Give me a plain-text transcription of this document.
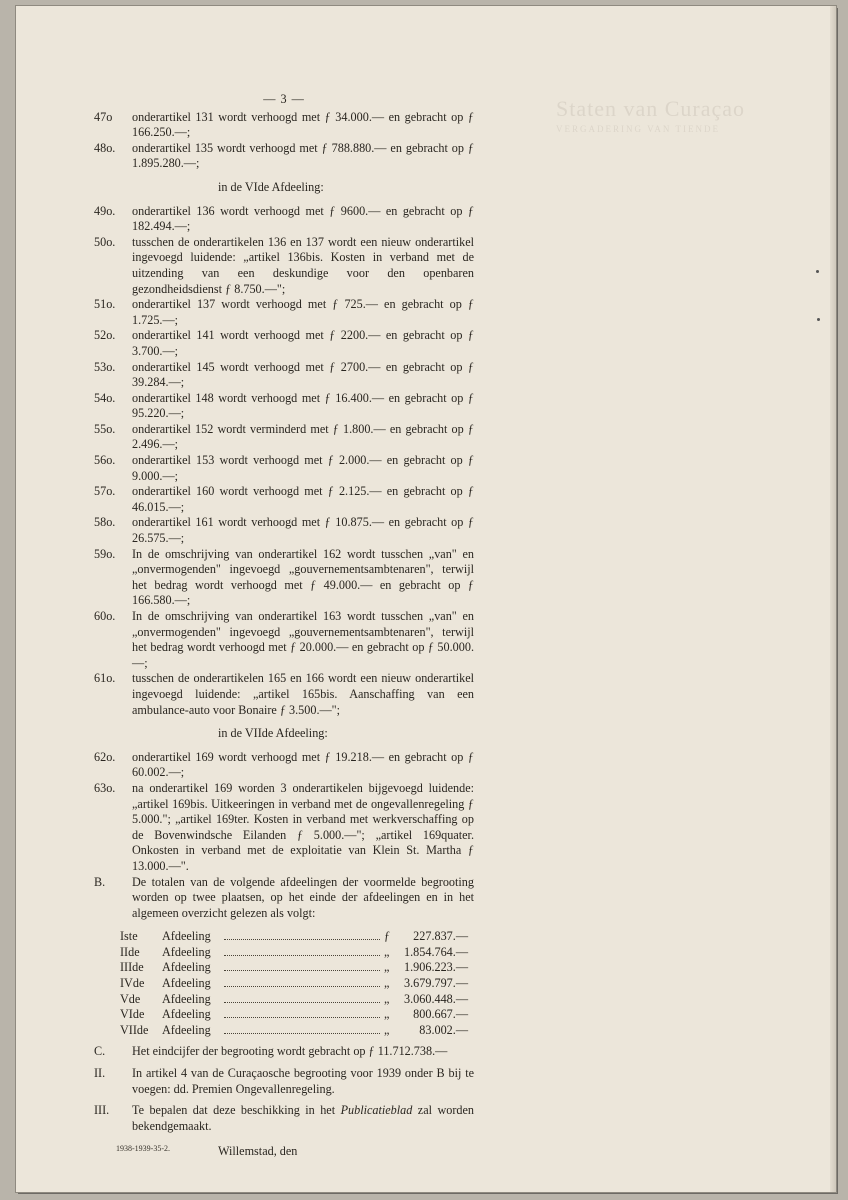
Staten van Curaçao
VERGADERING VAN TIENDE
— 3 —
47o	onderartikel 131 wordt verhoogd met ƒ 34.000.— en gebracht op ƒ 166.250.—;
48o.	onderartikel 135 wordt verhoogd met ƒ 788.880.— en gebracht op ƒ 1.895.280.—;
in de VIde Afdeeling:
49o.	onderartikel 136 wordt verhoogd met ƒ 9600.— en gebracht op ƒ 182.494.—;
50o.	tusschen de onderartikelen 136 en 137 wordt een nieuw onderartikel ingevoegd luidende: „artikel 136bis. Kosten in verband met de uitzending van een deskundige voor den openbaren gezondheidsdienst ƒ 8.750.—";
51o.	onderartikel 137 wordt verhoogd met ƒ 725.— en gebracht op ƒ 1.725.—;
52o.	onderartikel 141 wordt verhoogd met ƒ 2200.— en gebracht op ƒ 3.700.—;
53o.	onderartikel 145 wordt verhoogd met ƒ 2700.— en gebracht op ƒ 39.284.—;
54o.	onderartikel 148 wordt verhoogd met ƒ 16.400.— en gebracht op ƒ 95.220.—;
55o.	onderartikel 152 wordt verminderd met ƒ 1.800.— en gebracht op ƒ 2.496.—;
56o.	onderartikel 153 wordt verhoogd met ƒ 2.000.— en gebracht op ƒ 9.000.—;
57o.	onderartikel 160 wordt verhoogd met ƒ 2.125.— en gebracht op ƒ 46.015.—;
58o.	onderartikel 161 wordt verhoogd met ƒ 10.875.— en gebracht op ƒ 26.575.—;
59o.	In de omschrijving van onderartikel 162 wordt tusschen „van" en „onvermogenden" ingevoegd „gouvernementsambtenaren", terwijl het bedrag wordt verhoogd met ƒ 49.000.— en gebracht op ƒ 166.580.—;
60o.	In de omschrijving van onderartikel 163 wordt tusschen „van" en „onvermogenden" ingevoegd „gouvernementsambtenaren", terwijl het bedrag wordt verhoogd met ƒ 20.000.— en gebracht op ƒ 50.000.—;
61o.	tusschen de onderartikelen 165 en 166 wordt een nieuw onderartikel ingevoegd luidende: „artikel 165bis. Aanschaffing van een ambulance-auto voor Bonaire ƒ 3.500.—";
in de VIIde Afdeeling:
62o.	onderartikel 169 wordt verhoogd met ƒ 19.218.— en gebracht op ƒ 60.002.—;
63o.	na onderartikel 169 worden 3 onderartikelen bijgevoegd luidende: „artikel 169bis. Uitkeeringen in verband met de ongevallenregeling ƒ 5.000."; „artikel 169ter. Kosten in verband met werkverschaffing op de Bovenwindsche Eilanden ƒ 5.000.—"; „artikel 169quater. Onkosten in verband met de exploitatie van Klein St. Martha ƒ 13.000.—".
B.	De totalen van de volgende afdeelingen der voormelde begrooting worden op twee plaatsen, op het einde der afdeelingen en in het algemeen overzicht gelezen als volgt:
Iste	Afdeeling	ƒ	227.837.—
IIde	Afdeeling	„	1.854.764.—
IIIde	Afdeeling	„	1.906.223.—
IVde	Afdeeling	„	3.679.797.—
Vde	Afdeeling	„	3.060.448.—
VIde	Afdeeling	„	800.667.—
VIIde	Afdeeling	„	83.002.—
C.	Het eindcijfer der begrooting wordt gebracht op ƒ 11.712.738.—
II.	In artikel 4 van de Curaçaosche begrooting voor 1939 onder B bij te voegen: dd. Premien Ongevallenregeling.
III.	Te bepalen dat deze beschikking in het Publicatieblad zal worden bekendgemaakt.
Willemstad, den
1938-1939-35-2.
